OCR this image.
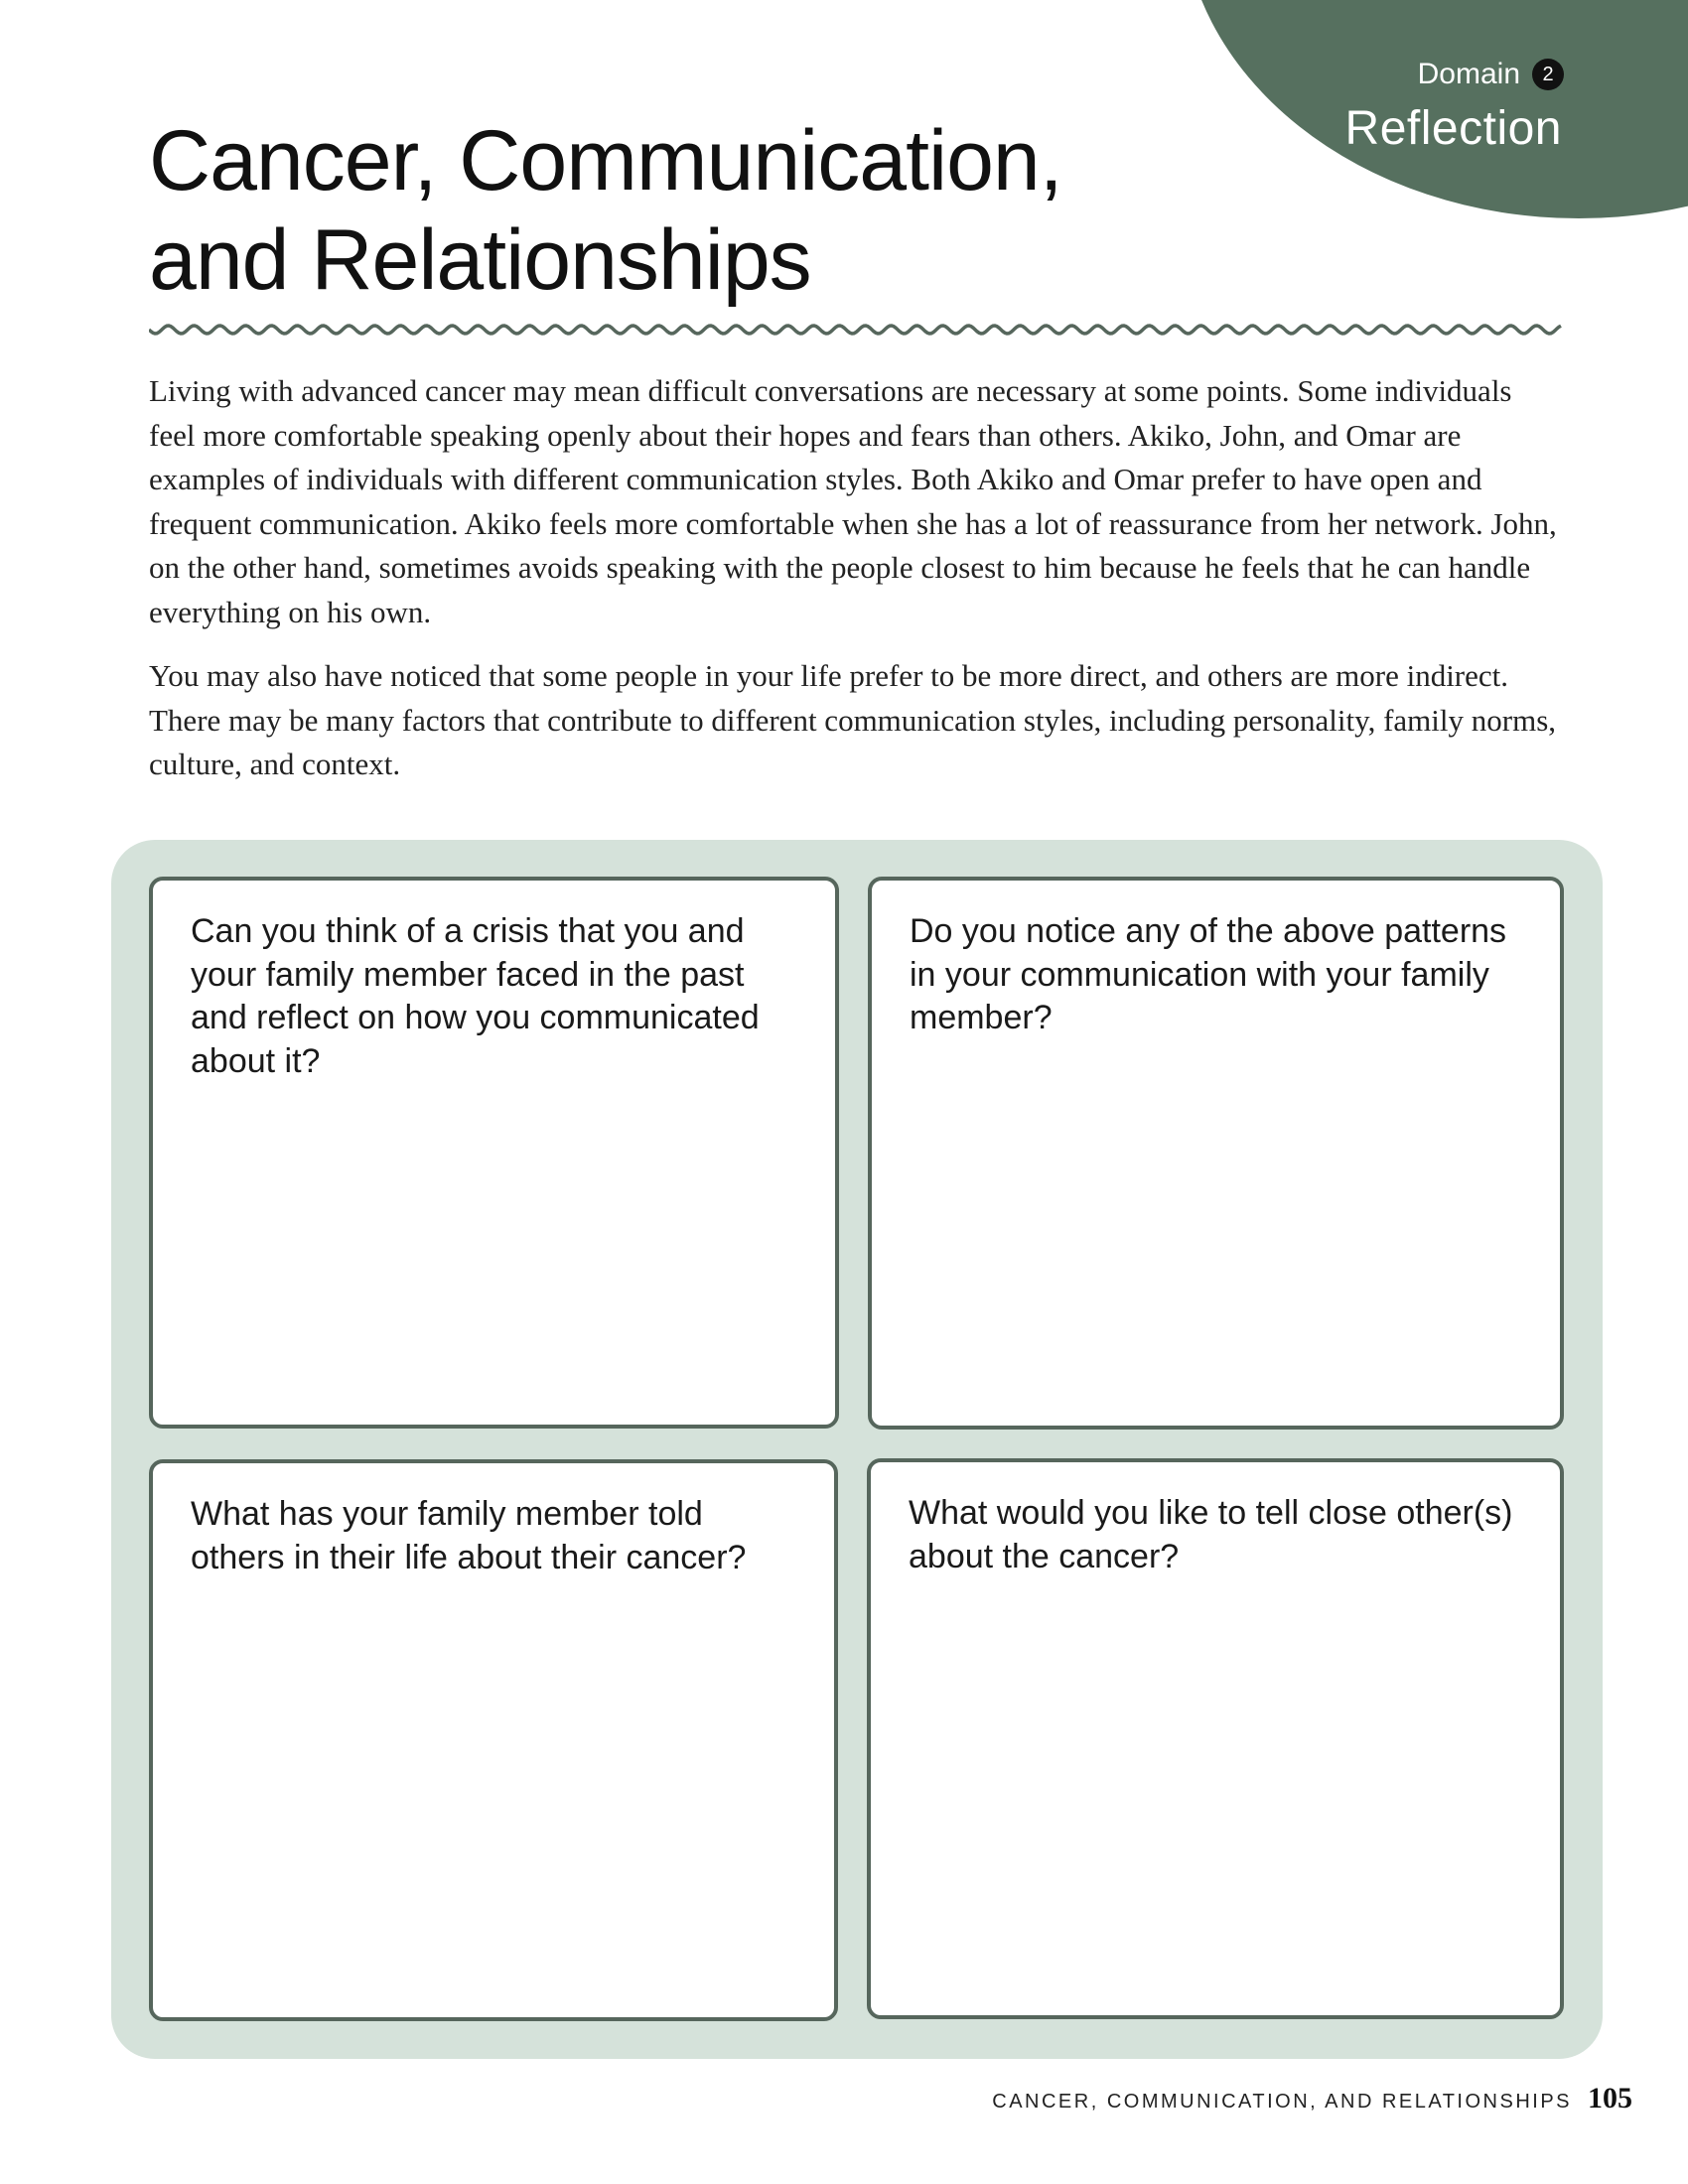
Domain	2
Reflection
Cancer, Communication, and Relationships

Living with advanced cancer may mean difficult conversations are necessary at some points. Some individuals feel more comfortable speaking openly about their hopes and fears than others. Akiko, John, and Omar are examples of individuals with different communication styles. Both Akiko and Omar prefer to have open and frequent communication. Akiko feels more comfortable when she has a lot of reassurance from her network. John, on the other hand, sometimes avoids speaking with the people closest to him because he feels that he can handle everything on his own.

You may also have noticed that some people in your life prefer to be more direct, and others are more indirect. There may be many factors that contribute to different communication styles, including personality, family norms, culture, and context.

Can you think of a crisis that you and your family member faced in the past and reflect on how you communicated about it?
Do you notice any of the above patterns in your communication with your family member?
What has your family member told others in their life about their cancer?
What would you like to tell close other(s) about the cancer?
CANCER, COMMUNICATION, AND RELATIONSHIPS 105
